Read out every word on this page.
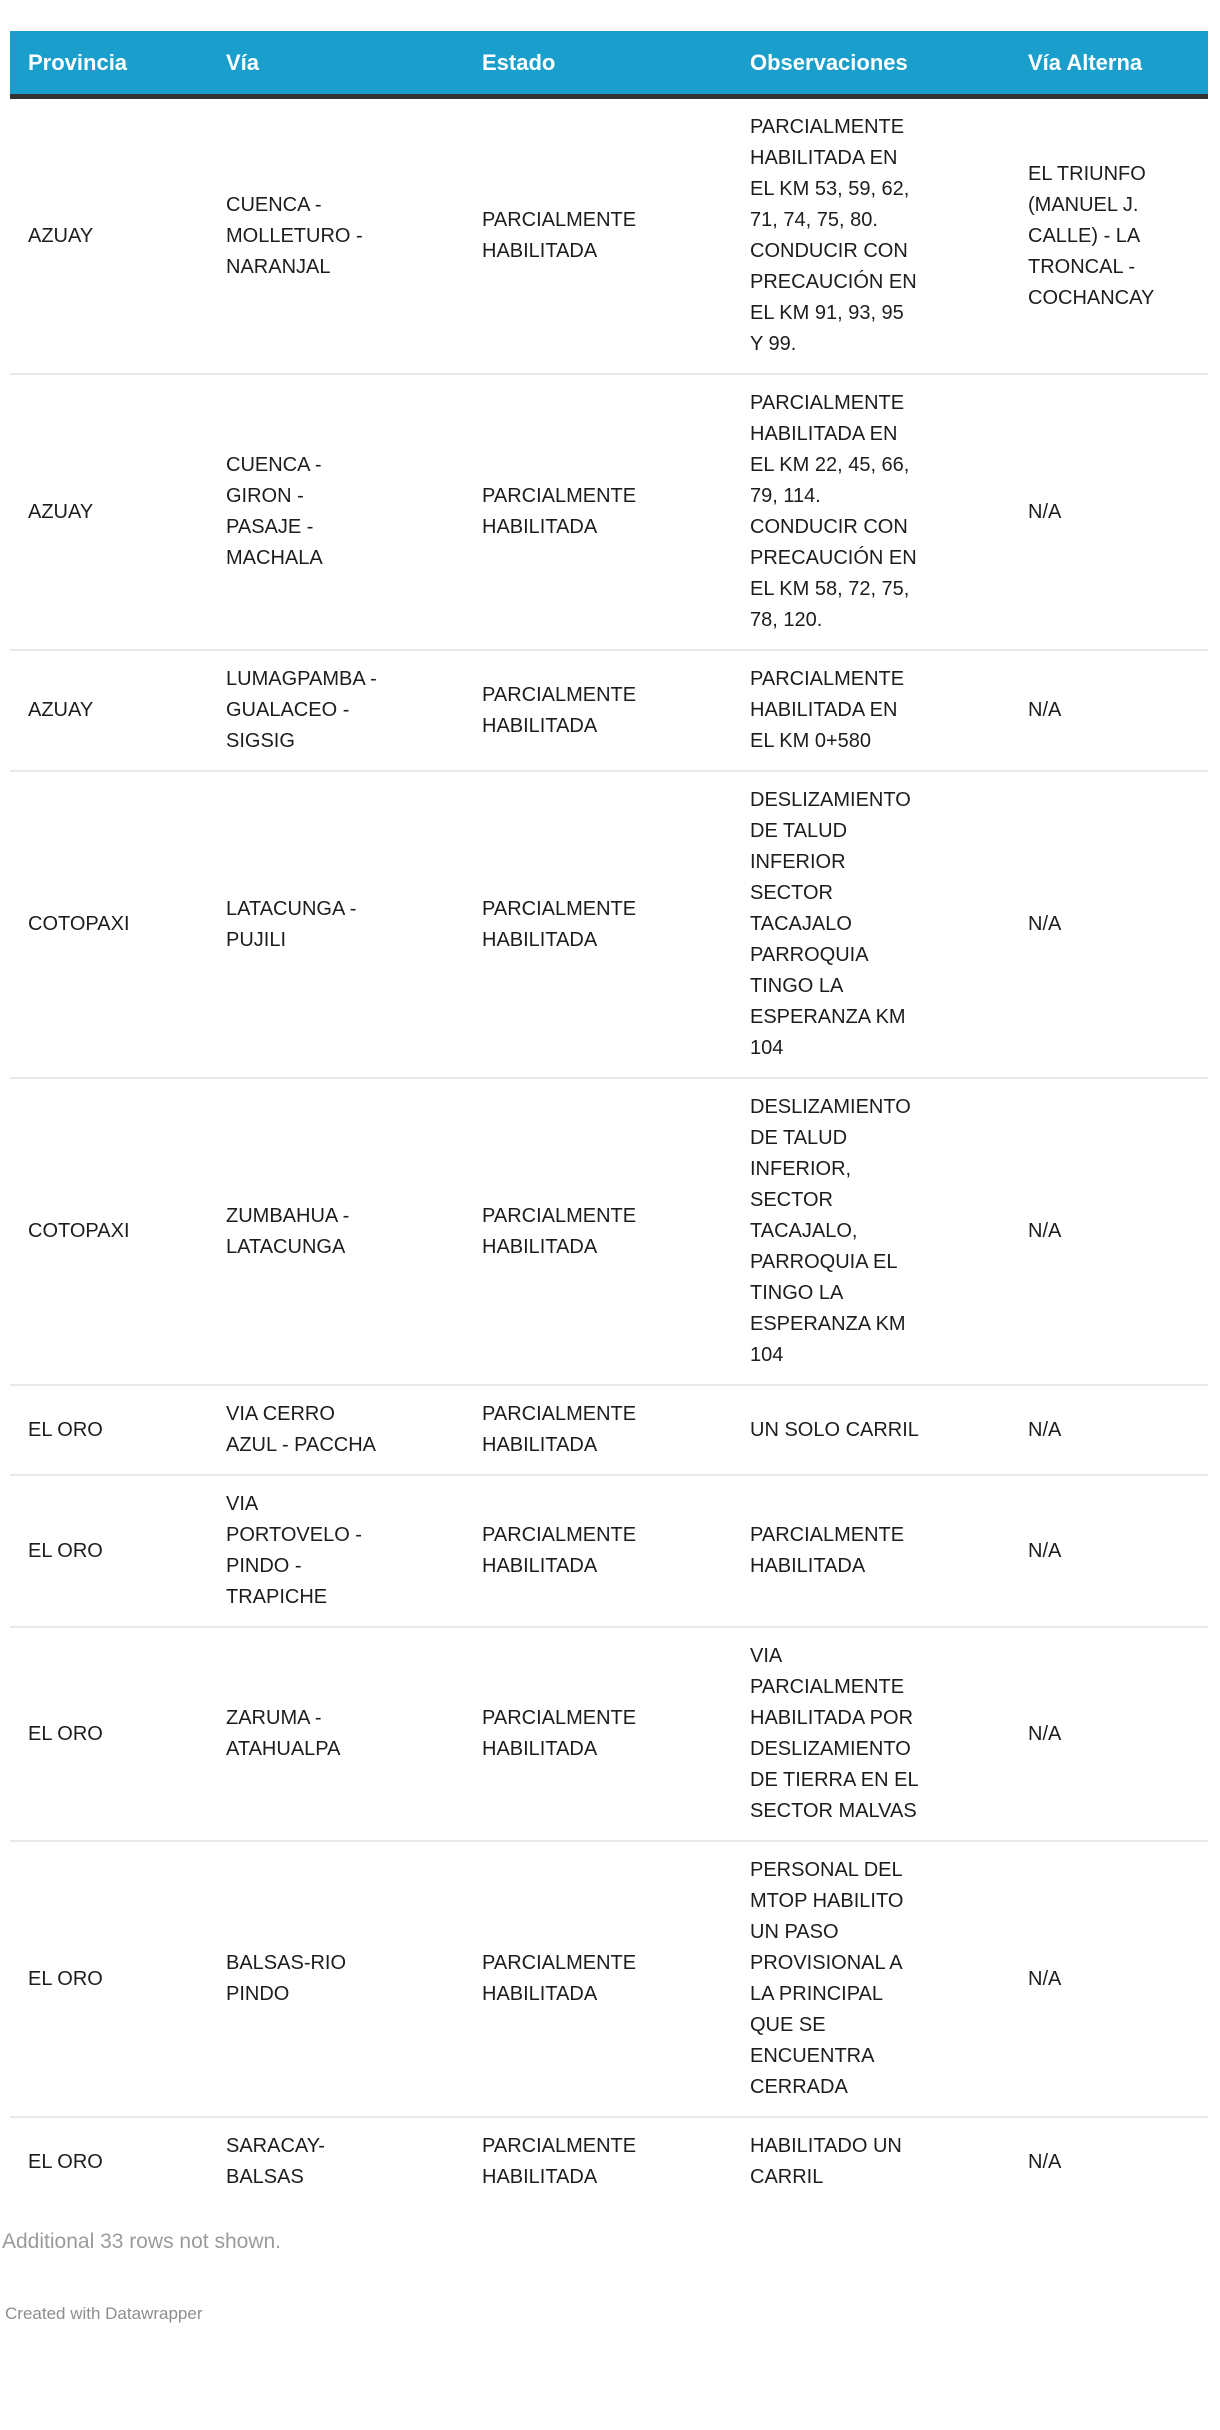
Provincia	Vía	Estado	Observaciones	Vía Alterna
AZUAY	CUENCA - MOLLETURO - NARANJAL	PARCIALMENTE HABILITADA	PARCIALMENTE HABILITADA EN EL KM 53, 59, 62, 71, 74, 75, 80. CONDUCIR CON PRECAUCIÓN EN EL KM 91, 93, 95 Y 99.	EL TRIUNFO (MANUEL J. CALLE) - LA TRONCAL - COCHANCAY
AZUAY	CUENCA - GIRON - PASAJE - MACHALA	PARCIALMENTE HABILITADA	PARCIALMENTE HABILITADA EN EL KM 22, 45, 66, 79, 114. CONDUCIR CON PRECAUCIÓN EN EL KM 58, 72, 75, 78, 120.	N/A
AZUAY	LUMAGPAMBA - GUALACEO - SIGSIG	PARCIALMENTE HABILITADA	PARCIALMENTE HABILITADA EN EL KM 0+580	N/A
COTOPAXI	LATACUNGA - PUJILI	PARCIALMENTE HABILITADA	DESLIZAMIENTO DE TALUD INFERIOR SECTOR TACAJALO PARROQUIA TINGO LA ESPERANZA KM 104	N/A
COTOPAXI	ZUMBAHUA - LATACUNGA	PARCIALMENTE HABILITADA	DESLIZAMIENTO DE TALUD INFERIOR, SECTOR TACAJALO, PARROQUIA EL TINGO LA ESPERANZA KM 104	N/A
EL ORO	VIA CERRO AZUL - PACCHA	PARCIALMENTE HABILITADA	UN SOLO CARRIL	N/A
EL ORO	VIA PORTOVELO - PINDO - TRAPICHE	PARCIALMENTE HABILITADA	PARCIALMENTE HABILITADA	N/A
EL ORO	ZARUMA - ATAHUALPA	PARCIALMENTE HABILITADA	VIA PARCIALMENTE HABILITADA POR DESLIZAMIENTO DE TIERRA EN EL SECTOR MALVAS	N/A
EL ORO	BALSAS-RIO PINDO	PARCIALMENTE HABILITADA	PERSONAL DEL MTOP HABILITO UN PASO PROVISIONAL A LA PRINCIPAL QUE SE ENCUENTRA CERRADA	N/A
EL ORO	SARACAY-BALSAS	PARCIALMENTE HABILITADA	HABILITADO UN CARRIL	N/A
Additional 33 rows not shown.
Created with Datawrapper
